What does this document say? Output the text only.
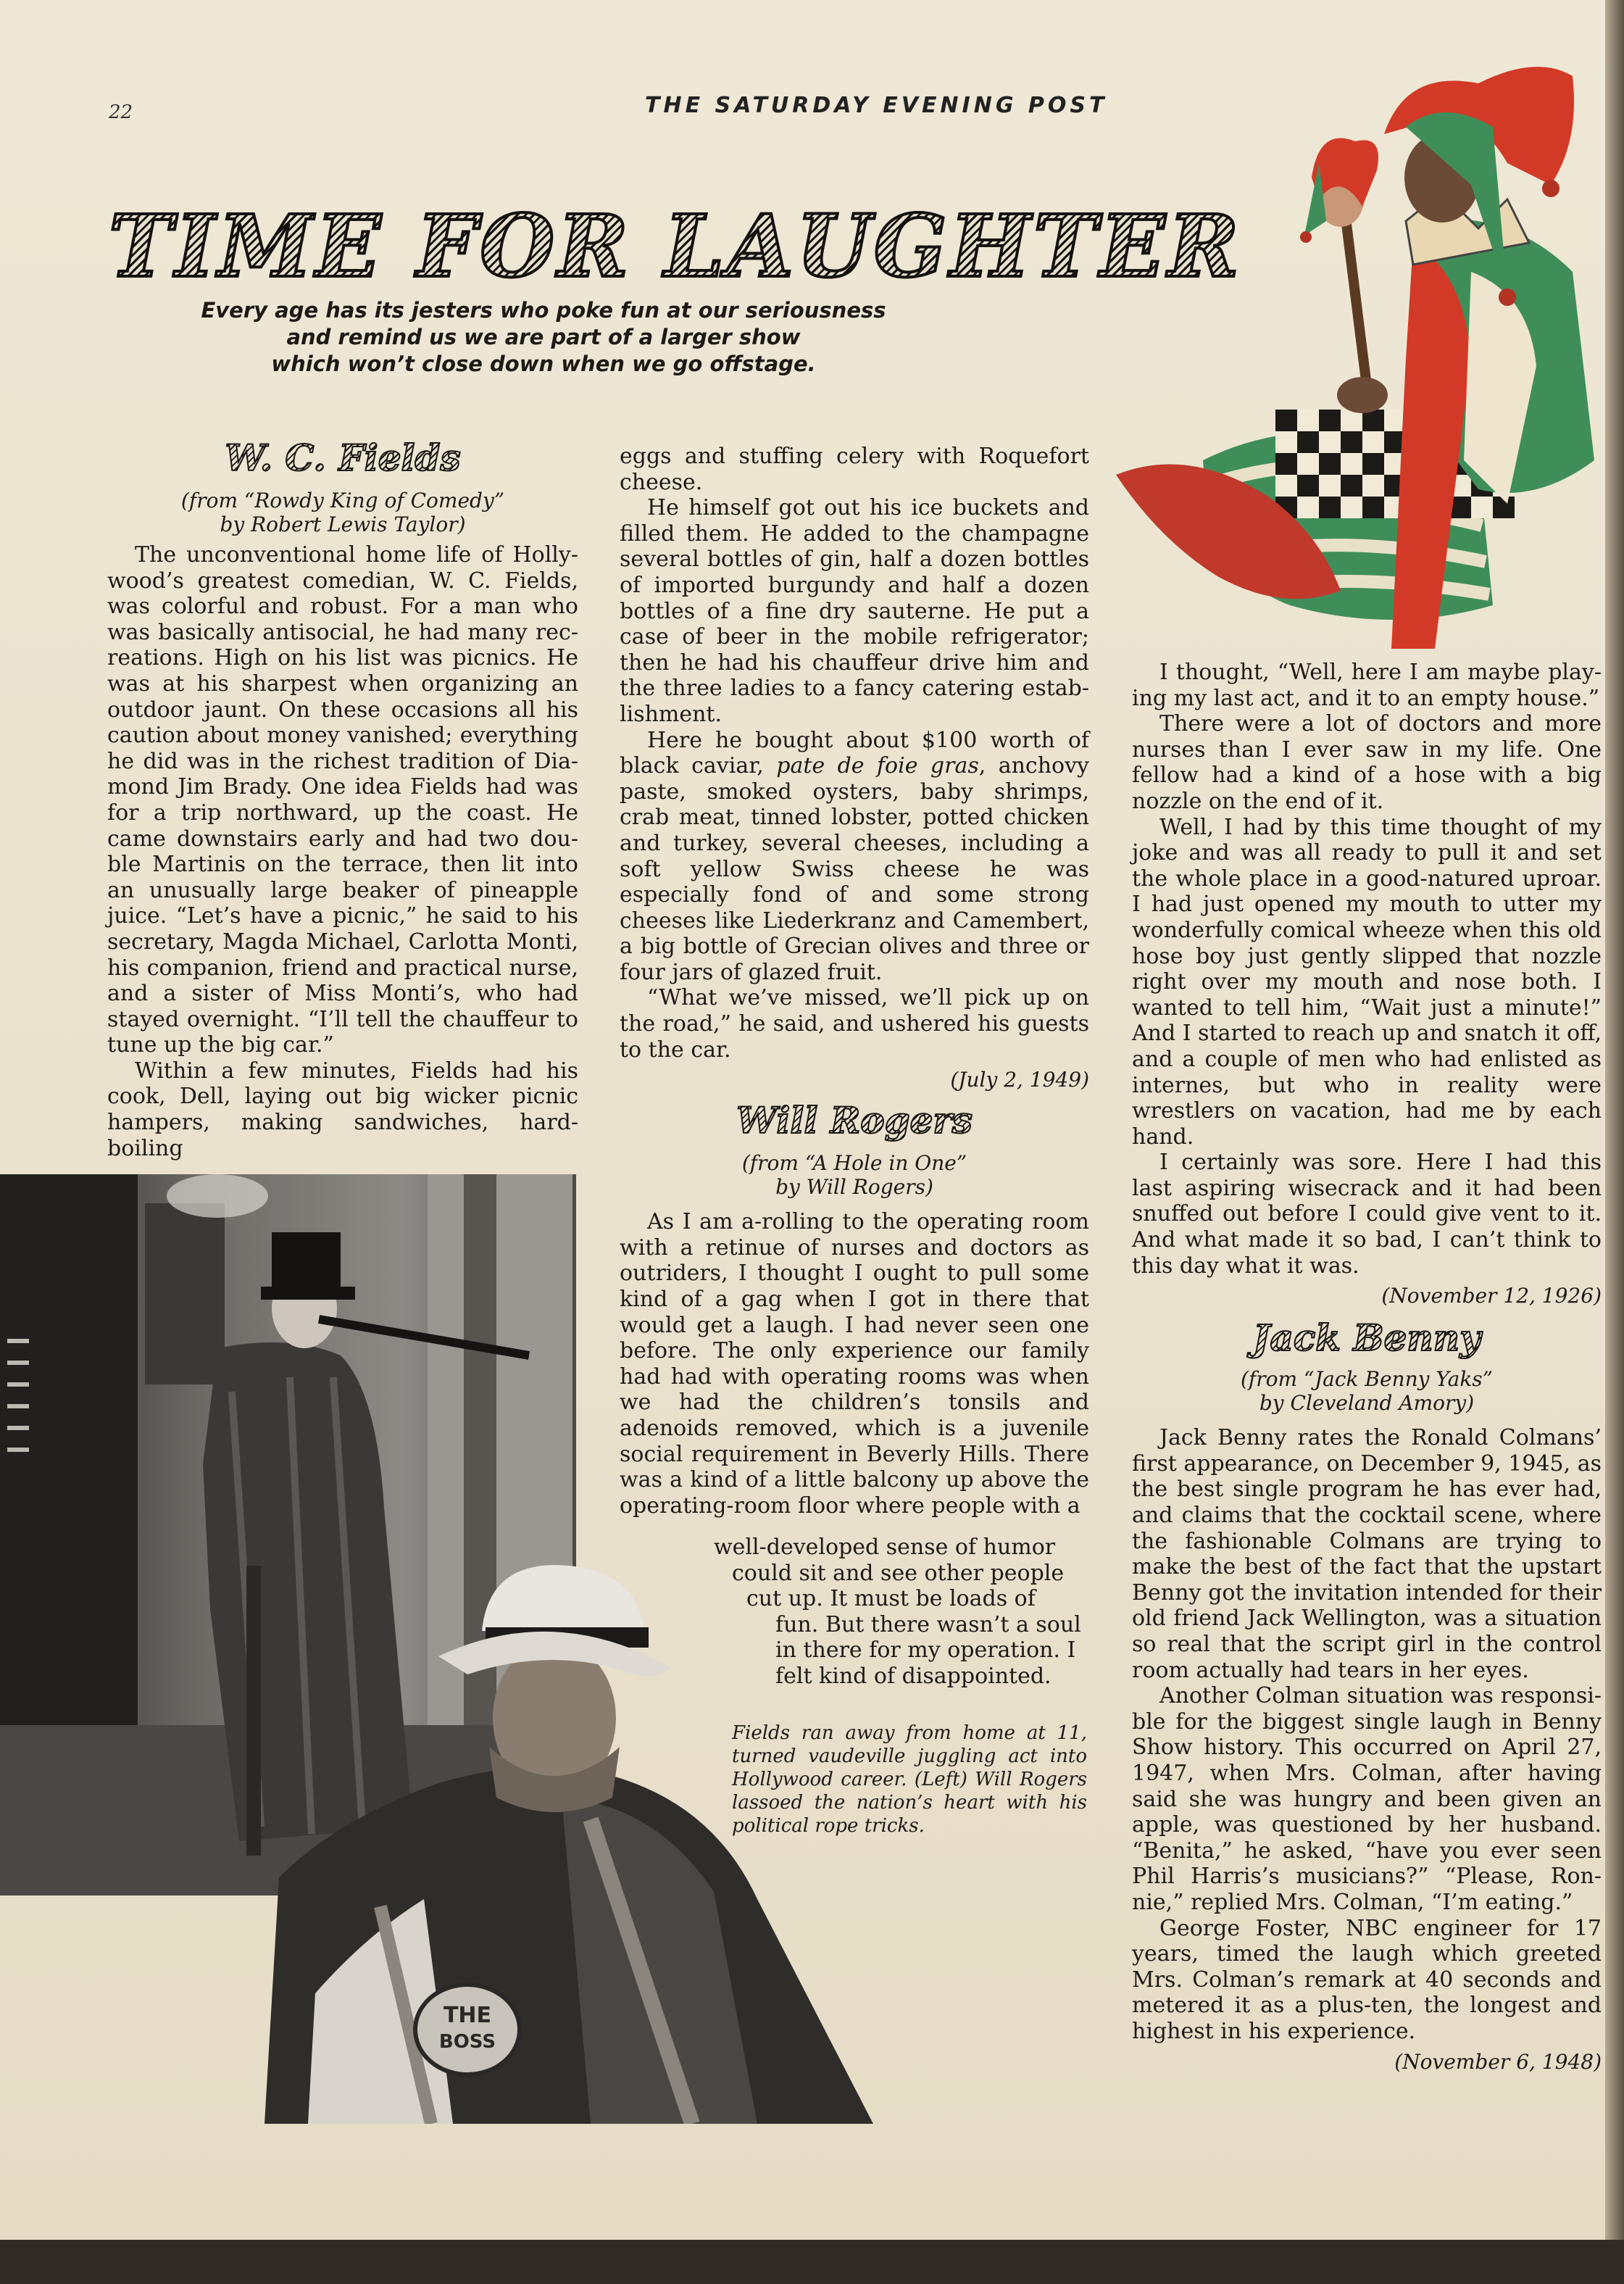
22	THE SATURDAY EVENING POST
TIME FOR LAUGHTER
Every age has its jesters who poke fun at our seriousness
and remind us we are part of a larger show
which won’t close down when we go offstage.
THE
BOSS
W. C. Fields
(from “Rowdy King of Comedy”
by Robert Lewis Taylor)

The unconventional home life of Hollywood’s greatest comedian, W. C. Fields, was colorful and robust. For a man who was basically antisocial, he had many recreations. High on his list was picnics. He was at his sharpest when organizing an outdoor jaunt. On these occasions all his caution about money vanished; everything he did was in the richest tradition of Diamond Jim Brady. One idea Fields had was for a trip northward, up the coast. He came downstairs early and had two double Martinis on the terrace, then lit into an unusually large beaker of pineapple juice. “Let’s have a picnic,” he said to his secretary, Magda Michael, Carlotta Monti, his companion, friend and practical nurse, and a sister of Miss Monti’s, who had stayed overnight. “I’ll tell the chauffeur to tune up the big car.”

Within a few minutes, Fields had his cook, Dell, laying out big wicker picnic hampers, making sandwiches, hard-boiling

eggs and stuffing celery with Roquefort cheese.

He himself got out his ice buckets and filled them. He added to the champagne several bottles of gin, half a dozen bottles of imported burgundy and half a dozen bottles of a fine dry sauterne. He put a case of beer in the mobile refrigerator; then he had his chauffeur drive him and the three ladies to a fancy catering establishment.

Here he bought about $100 worth of black caviar, pate de foie gras, anchovy paste, smoked oysters, baby shrimps, crab meat, tinned lobster, potted chicken and turkey, several cheeses, including a soft yellow Swiss cheese he was especially fond of and some strong cheeses like Liederkranz and Camembert, a big bottle of Grecian olives and three or four jars of glazed fruit.

“What we’ve missed, we’ll pick up on the road,” he said, and ushered his guests to the car.

(July 2, 1949)
Will Rogers
(from “A Hole in One”
by Will Rogers)

As I am a-rolling to the operating room with a retinue of nurses and doctors as outriders, I thought I ought to pull some kind of a gag when I got in there that would get a laugh. I had never seen one before. The only experience our family had had with operating rooms was when we had the children’s tonsils and adenoids removed, which is a juvenile social requirement in Beverly Hills. There was a kind of a little balcony up above the operating-room floor where people with a

well-developed sense of humor
could sit and see other people
cut up. It must be loads of
fun. But there wasn’t a soul
in there for my operation. I
felt kind of disappointed.
Fields ran away from home at 11, turned vaudeville juggling act into Hollywood career. (Left) Will Rogers lassoed the nation’s heart with his political rope tricks.

I thought, “Well, here I am maybe playing my last act, and it to an empty house.”

There were a lot of doctors and more nurses than I ever saw in my life. One fellow had a kind of a hose with a big nozzle on the end of it.

Well, I had by this time thought of my joke and was all ready to pull it and set the whole place in a good-natured uproar. I had just opened my mouth to utter my wonderfully comical wheeze when this old hose boy just gently slipped that nozzle right over my mouth and nose both. I wanted to tell him, “Wait just a minute!” And I started to reach up and snatch it off, and a couple of men who had enlisted as internes, but who in reality were wrestlers on vacation, had me by each hand.

I certainly was sore. Here I had this last aspiring wisecrack and it had been snuffed out before I could give vent to it. And what made it so bad, I can’t think to this day what it was.

(November 12, 1926)
Jack Benny
(from “Jack Benny Yaks”
by Cleveland Amory)

Jack Benny rates the Ronald Colmans’ first appearance, on December 9, 1945, as the best single program he has ever had, and claims that the cocktail scene, where the fashionable Colmans are trying to make the best of the fact that the upstart Benny got the invitation intended for their old friend Jack Wellington, was a situation so real that the script girl in the control room actually had tears in her eyes.

Another Colman situation was responsible for the biggest single laugh in Benny Show history. This occurred on April 27, 1947, when Mrs. Colman, after having said she was hungry and been given an apple, was questioned by her husband. “Benita,” he asked, “have you ever seen Phil Harris’s musicians?” “Please, Ronnie,” replied Mrs. Colman, “I’m eating.”

George Foster, NBC engineer for 17 years, timed the laugh which greeted Mrs. Colman’s remark at 40 seconds and metered it as a plus-ten, the longest and highest in his experience.

(November 6, 1948)
